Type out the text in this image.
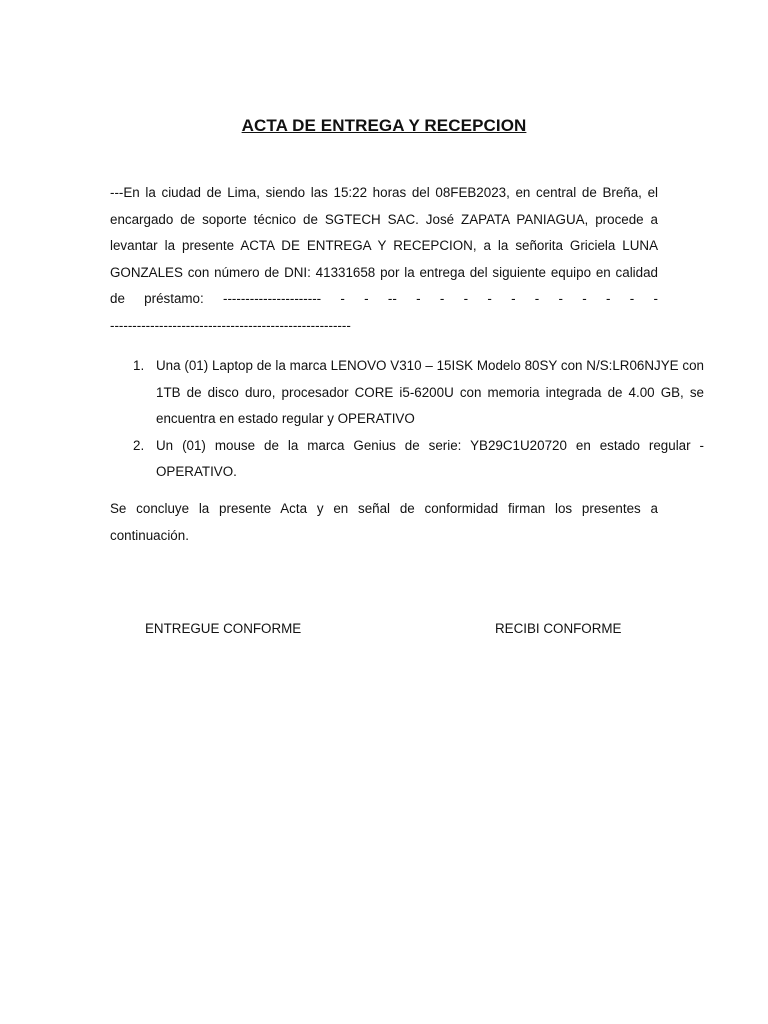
ACTA DE ENTREGA Y RECEPCION

---En la ciudad de Lima, siendo las 15:22 horas del 08FEB2023, en central de Breña, el encargado de soporte técnico de SGTECH SAC. José ZAPATA PANIAGUA, procede a levantar la presente ACTA DE ENTREGA Y RECEPCION, a la señorita Griciela LUNA GONZALES con número de DNI: 41331658 por la entrega del siguiente equipo en calidad de préstamo: ---------------------- - - -- - - - - - - - - - - -

------------------------------------------------------

Una (01) Laptop de la marca LENOVO V310 – 15ISK Modelo 80SY con N/S:LR06NJYE con 1TB de disco duro, procesador CORE i5-6200U con memoria integrada de 4.00 GB, se encuentra en estado regular y OPERATIVO
Un (01) mouse de la marca Genius de serie: YB29C1U20720 en estado regular - OPERATIVO.

Se concluye la presente Acta y en señal de conformidad firman los presentes a continuación.

ENTREGUE CONFORME	RECIBI CONFORME
